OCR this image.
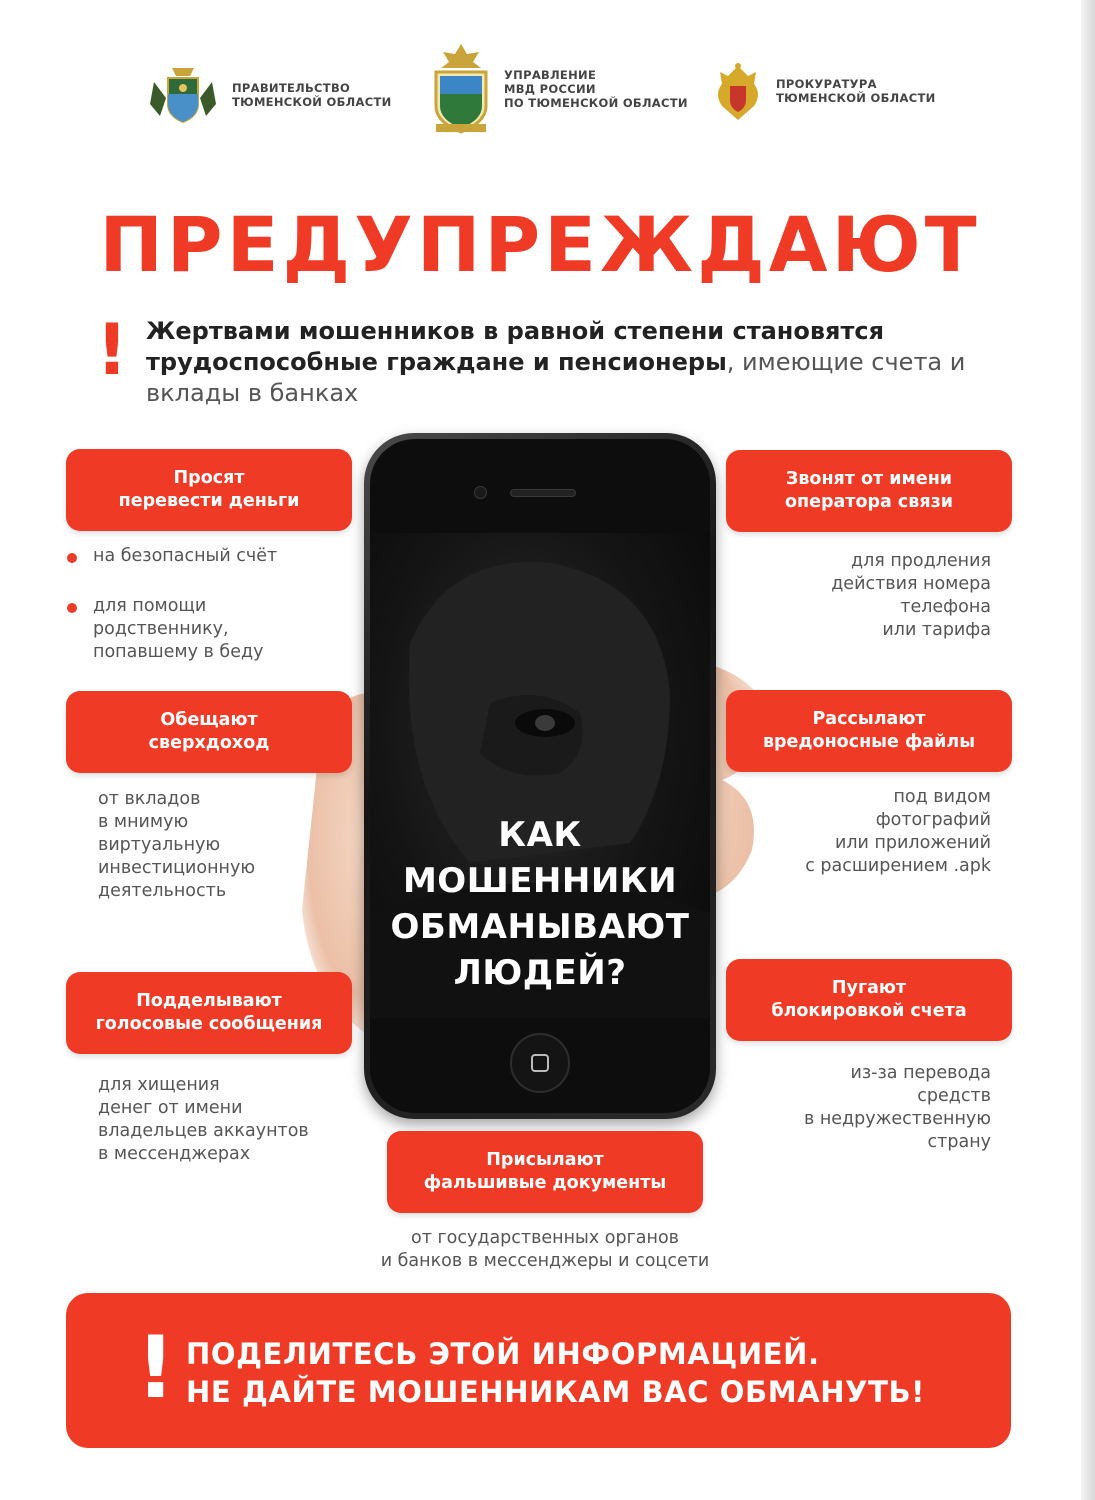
ПРАВИТЕЛЬСТВО
ТЮМЕНСКОЙ ОБЛАСТИ
УПРАВЛЕНИЕ
МВД РОССИИ
ПО ТЮМЕНСКОЙ ОБЛАСТИ
ПРОКУРАТУРА
ТЮМЕНСКОЙ ОБЛАСТИ
ПРЕДУПРЕЖДАЮТ
! Жертвами мошенников в равной степени становятся трудоспособные граждане и пенсионеры, имеющие счета и вклады в банках
КАК МОШЕННИКИ ОБМАНЫВАЮТ ЛЮДЕЙ?
Просят
перевести деньги
на безопасный счёт
для помощи
родственнику,
попавшему в беду
Обещают
сверхдоход
от вкладов
в мнимую
виртуальную
инвестиционную
деятельность
Подделывают
голосовые сообщения
для хищения
денег от имени
владельцев аккаунтов
в мессенджерах
Звонят от имени
оператора связи
для продления
действия номера
телефона
или тарифа
Рассылают
вредоносные файлы
под видом
фотографий
или приложений
с расширением .apk
Пугают
блокировкой счета
из-за перевода
средств
в недружественную
страну
Присылают
фальшивые документы
от государственных органов
и банков в мессенджеры и соцсети
! ПОДЕЛИТЕСЬ ЭТОЙ ИНФОРМАЦИЕЙ.
НЕ ДАЙТЕ МОШЕННИКАМ ВАС ОБМАНУТЬ!
